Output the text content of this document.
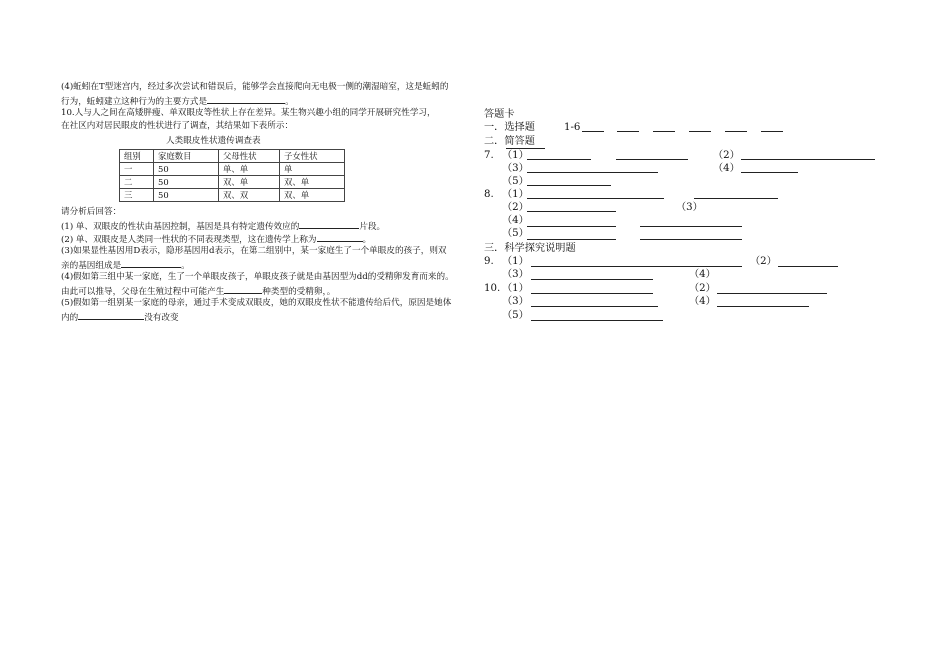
(4)蚯蚓在T型迷宫内，经过多次尝试和错误后，能够学会直接爬向无电极一侧的潮湿暗室，这是蚯蚓的
行为，蚯蚓建立这种行为的主要方式是	。
10.人与人之间在高矮胖瘦、单双眼皮等性状上存在差异。某生物兴趣小组的同学开展研究性学习，
在社区内对居民眼皮的性状进行了调查，其结果如下表所示：
人类眼皮性状遗传调查表
组别	家庭数目	父母性状	子女性状
一	50	单、单	单
二	50	双、单	双、单
三	50	双、双	双、单
请分析后回答：
(1) 单、双眼皮的性状由基因控制，基因是具有特定遗传效应的	片段。
(2) 单、双眼皮是人类同一性状的不同表现类型，这在遗传学上称为	。
(3)如果显性基因用D表示，隐形基因用d表示，在第二组别中，某一家庭生了一个单眼皮的孩子，则双
亲的基因组成是	。
(4)假如第三组中某一家庭，生了一个单眼皮孩子，单眼皮孩子就是由基因型为dd的受精卵发育而来的。
由此可以推导，父母在生殖过程中可能产生	种类型的受精卵，。
(5)假如第一组别某一家庭的母亲，通过手术变成双眼皮，她的双眼皮性状不能遗传给后代，原因是她体
内的	没有改变
答题卡
一．选择题	1-6
二．简答题
7. （1）	（2）
（3）	（4）
（5）
8. （1）
（2）	（3）
（4）
（5）
三．科学探究说明题
9. （1）	（2）
（3）	（4）
10. （1）	（2）
（3）	（4）
（5）
